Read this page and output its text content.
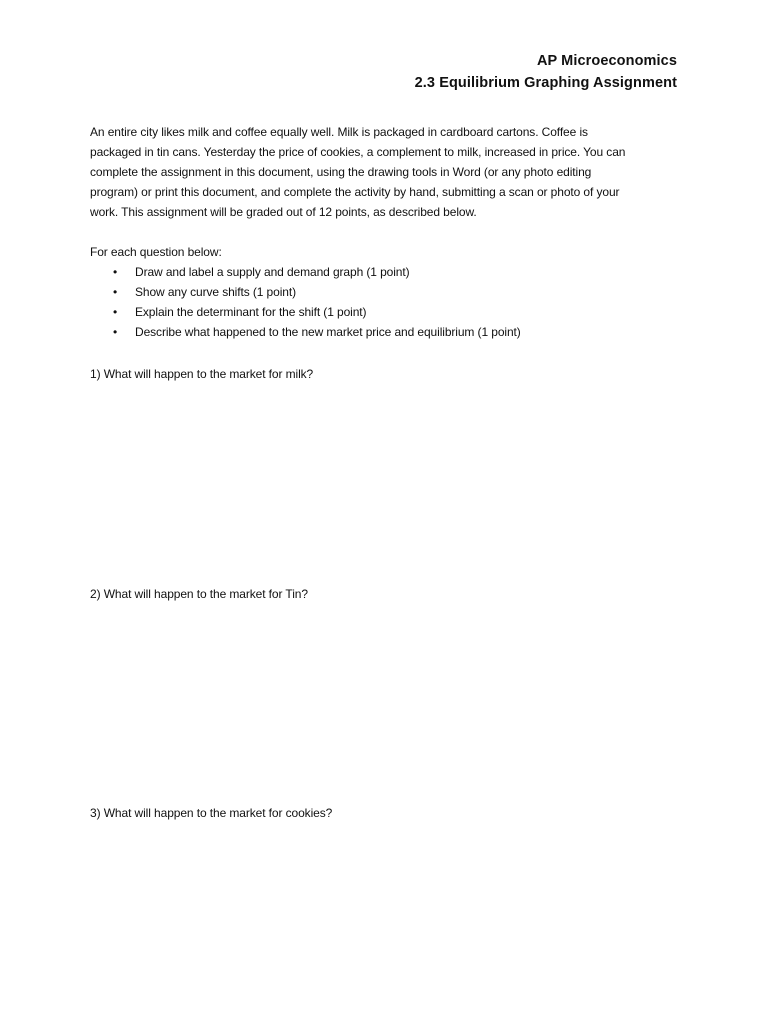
AP Microeconomics
2.3 Equilibrium Graphing Assignment
An entire city likes milk and coffee equally well. Milk is packaged in cardboard cartons. Coffee is
packaged in tin cans. Yesterday the price of cookies, a complement to milk, increased in price. You can
complete the assignment in this document, using the drawing tools in Word (or any photo editing
program) or print this document, and complete the activity by hand, submitting a scan or photo of your
work. This assignment will be graded out of 12 points, as described below.
For each question below:
• Draw and label a supply and demand graph (1 point)
• Show any curve shifts (1 point)
• Explain the determinant for the shift (1 point)
• Describe what happened to the new market price and equilibrium (1 point)
1) What will happen to the market for milk?
2) What will happen to the market for Tin?
3) What will happen to the market for cookies?
